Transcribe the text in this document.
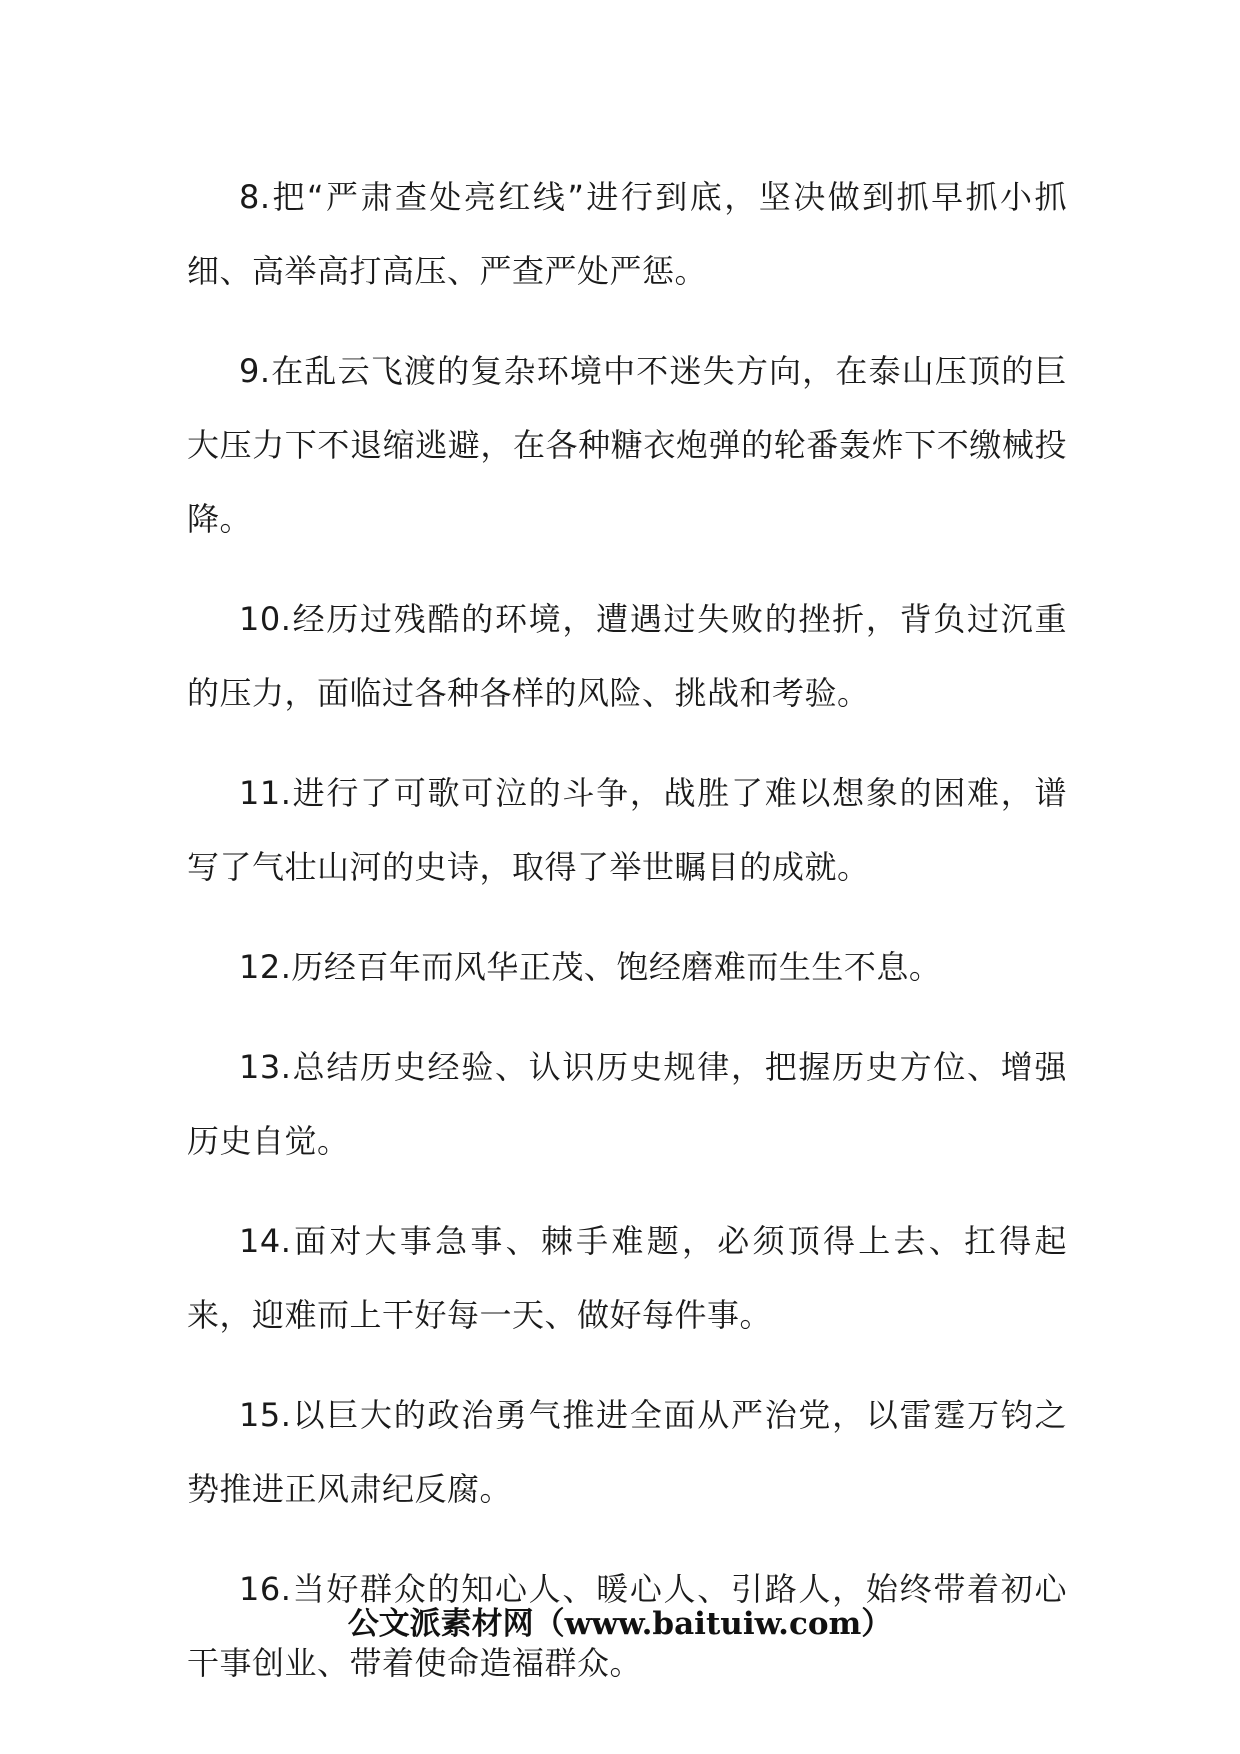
8.把“严肃查处亮红线”进行到底，坚决做到抓早抓小抓细、高举高打高压、严查严处严惩。

9.在乱云飞渡的复杂环境中不迷失方向，在泰山压顶的巨大压力下不退缩逃避，在各种糖衣炮弹的轮番轰炸下不缴械投降。

10.经历过残酷的环境，遭遇过失败的挫折，背负过沉重的压力，面临过各种各样的风险、挑战和考验。

11.进行了可歌可泣的斗争，战胜了难以想象的困难，谱写了气壮山河的史诗，取得了举世瞩目的成就。

12.历经百年而风华正茂、饱经磨难而生生不息。

13.总结历史经验、认识历史规律，把握历史方位、增强历史自觉。

14.面对大事急事、棘手难题，必须顶得上去、扛得起来，迎难而上干好每一天、做好每件事。

15.以巨大的政治勇气推进全面从严治党，以雷霆万钧之势推进正风肃纪反腐。

16.当好群众的知心人、暖心人、引路人，始终带着初心干事创业、带着使命造福群众。

公文派素材网（www.baituiw.com）
